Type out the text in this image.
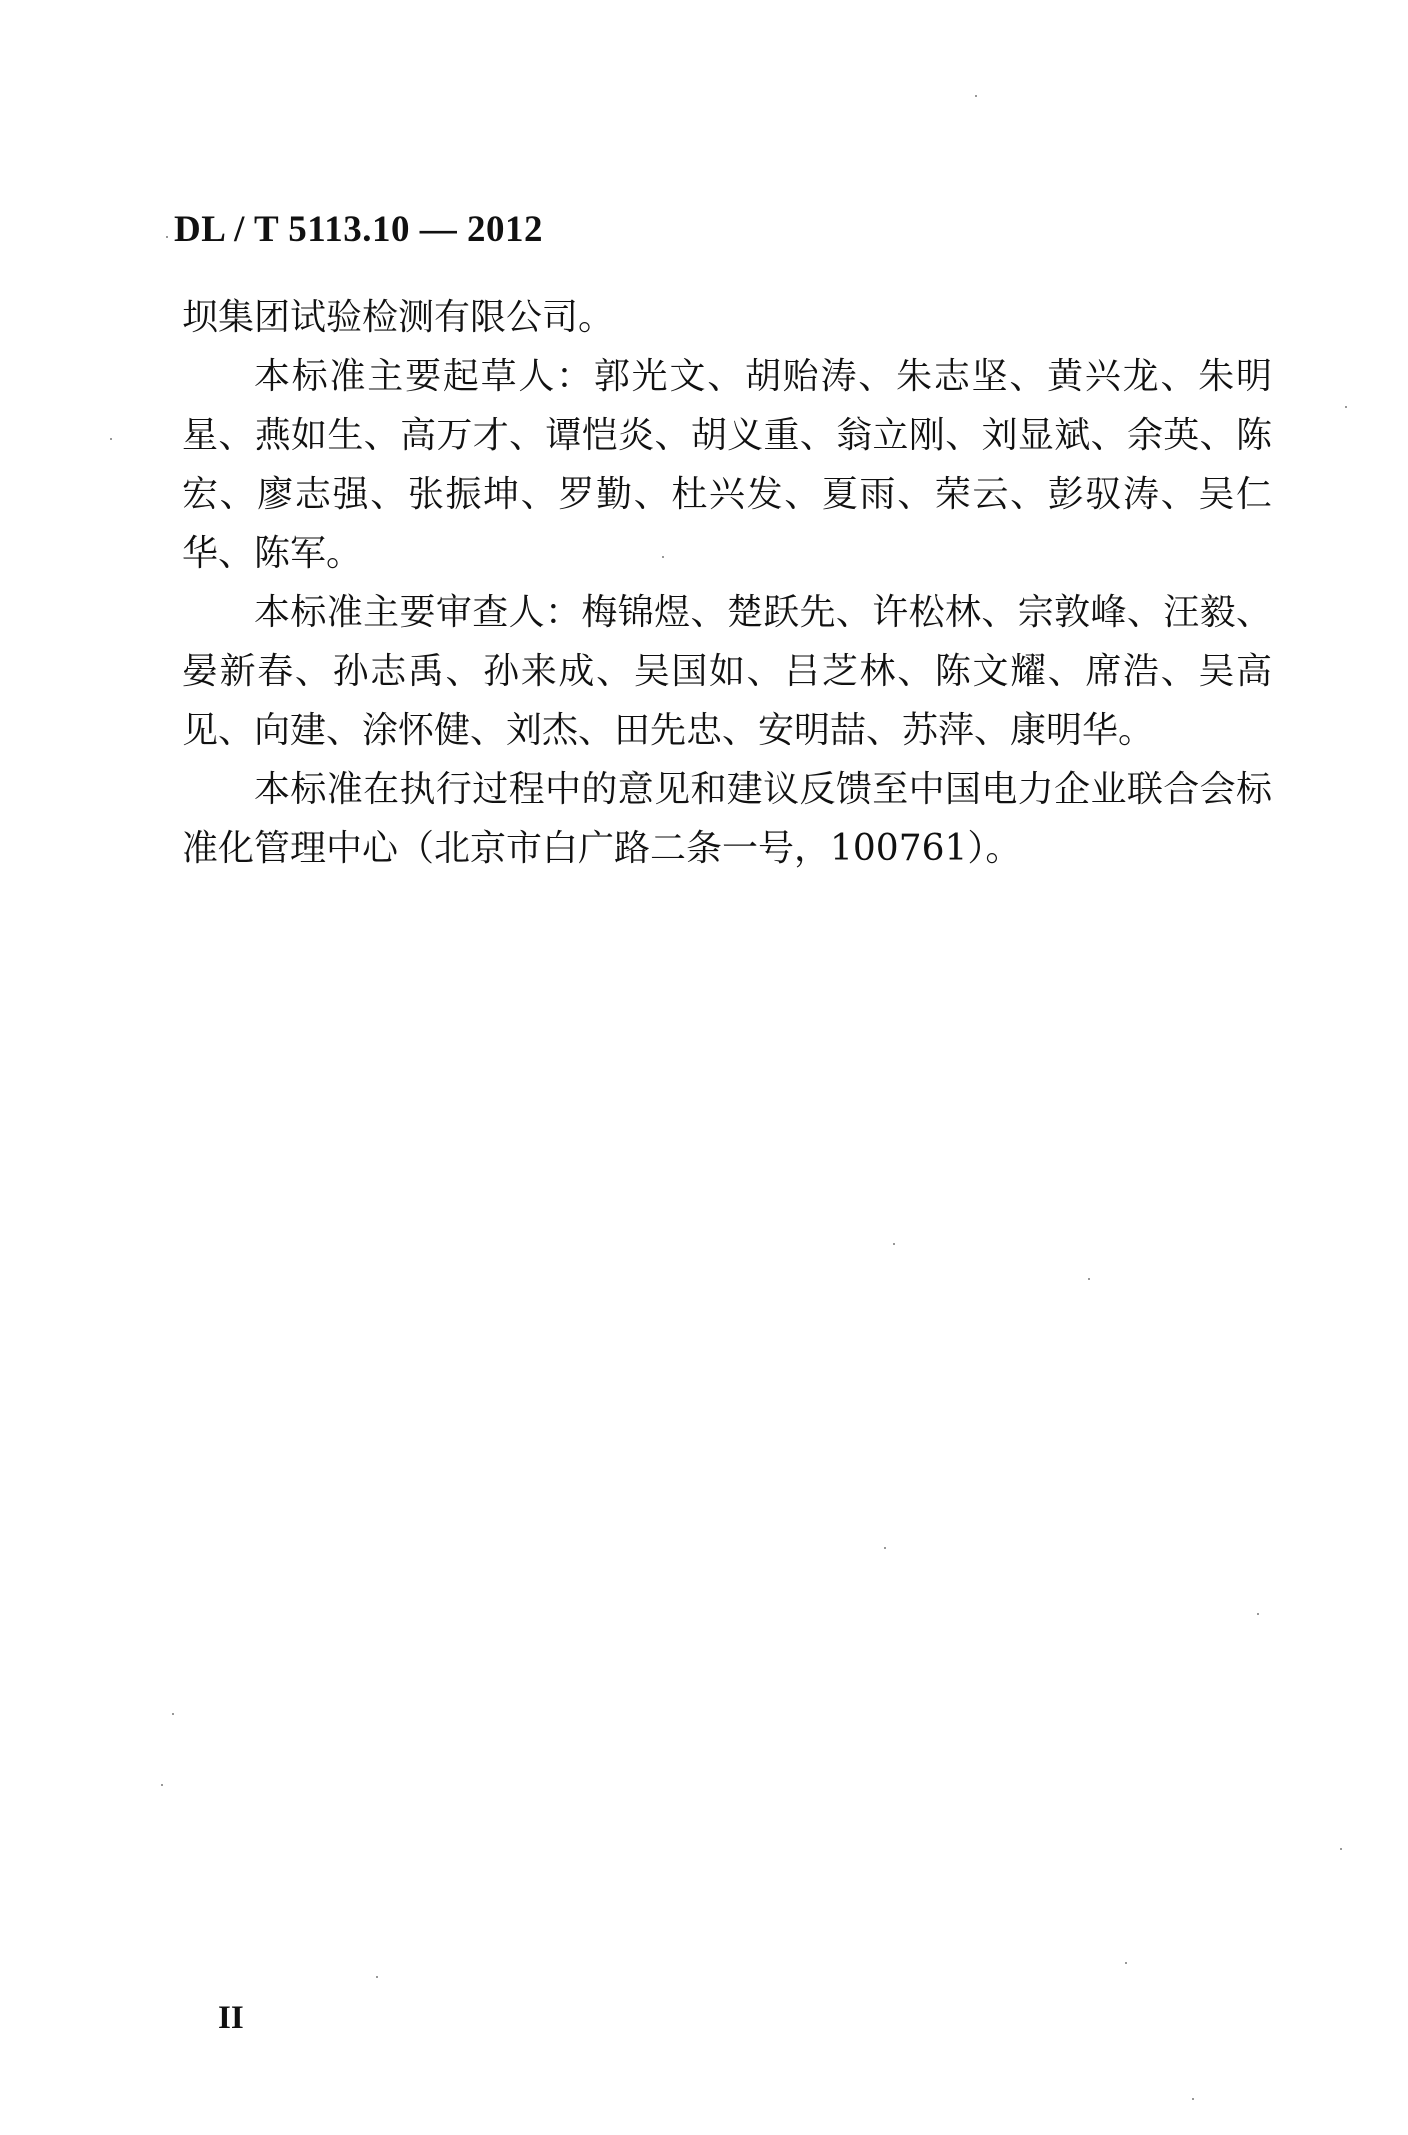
DL / T 5113.10 — 2012

坝集团试验检测有限公司。

本标准主要起草人：郭光文、胡贻涛、朱志坚、黄兴龙、朱明星、燕如生、高万才、谭恺炎、胡义重、翁立刚、刘显斌、余英、陈宏、廖志强、张振坤、罗勤、杜兴发、夏雨、荣云、彭驭涛、吴仁华、陈军。

本标准主要审查人：梅锦煜、楚跃先、许松林、宗敦峰、汪毅、晏新春、孙志禹、孙来成、吴国如、吕芝林、陈文耀、席浩、吴高见、向建、涂怀健、刘杰、田先忠、安明喆、苏萍、康明华。

本标准在执行过程中的意见和建议反馈至中国电力企业联合会标准化管理中心（北京市白广路二条一号，100761）。

II
